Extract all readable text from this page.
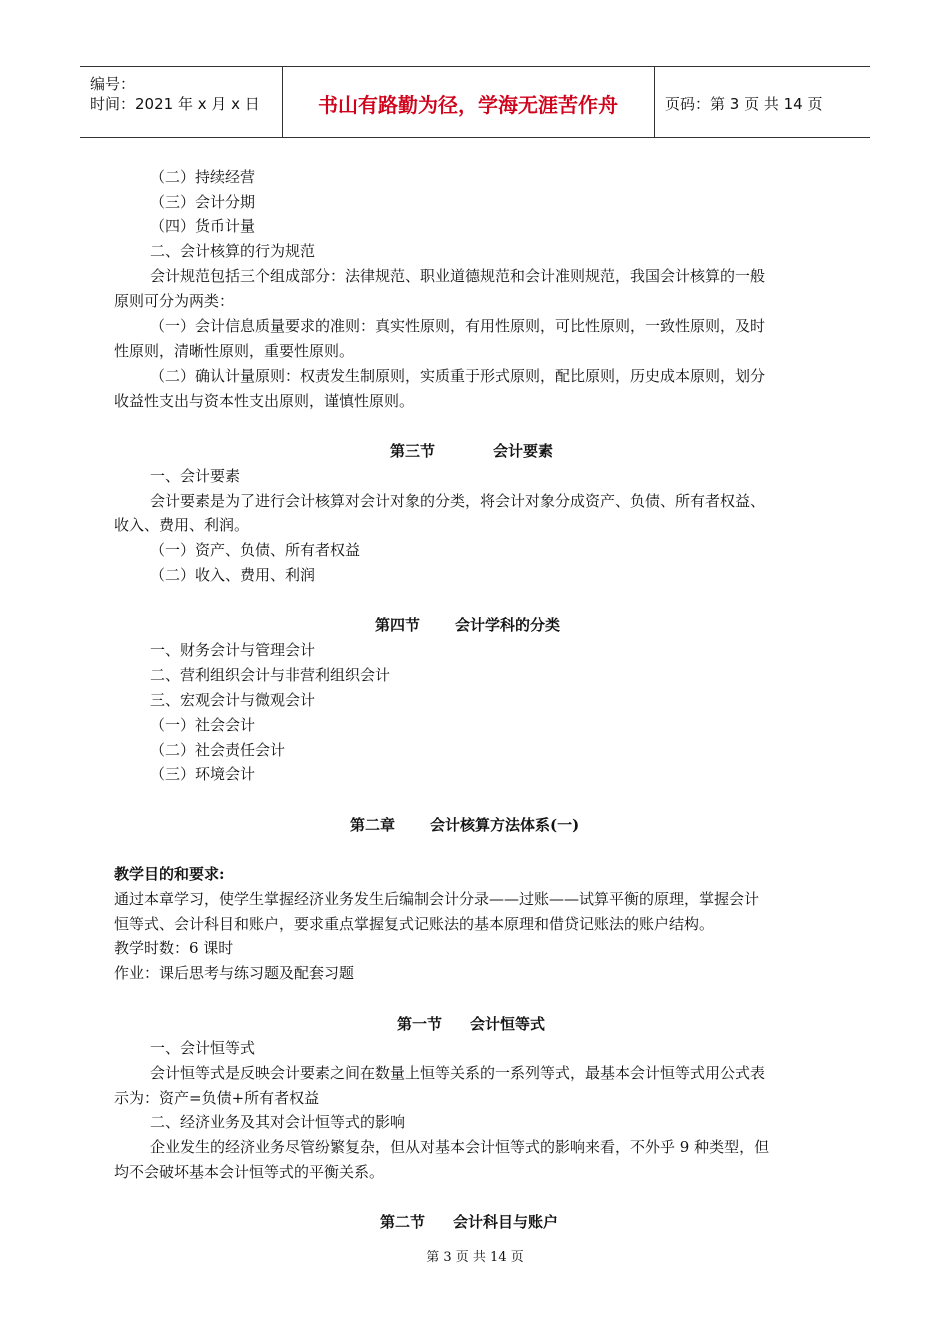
编号：
时间：2021 年 x 月 x 日	书山有路勤为径，学海无涯苦作舟	页码：第 3 页 共 14 页
（二）持续经营
（三）会计分期
（四）货币计量
二、会计核算的行为规范
会计规范包括三个组成部分：法律规范、职业道德规范和会计准则规范，我国会计核算的一般
原则可分为两类：
（一）会计信息质量要求的准则：真实性原则，有用性原则，可比性原则，一致性原则，及时
性原则，清晰性原则，重要性原则。
（二）确认计量原则：权责发生制原则，实质重于形式原则，配比原则，历史成本原则，划分
收益性支出与资本性支出原则，谨慎性原则。
第三节	会计要素
一、会计要素
会计要素是为了进行会计核算对会计对象的分类，将会计对象分成资产、负债、所有者权益、
收入、费用、利润。
（一）资产、负债、所有者权益
（二）收入、费用、利润
第四节 会计学科的分类
一、财务会计与管理会计
二、营利组织会计与非营利组织会计
三、宏观会计与微观会计
（一）社会会计
（二）社会责任会计
（三）环境会计
第二章 会计核算方法体系(一)
教学目的和要求:
通过本章学习，使学生掌握经济业务发生后编制会计分录——过账——试算平衡的原理，掌握会计
恒等式、会计科目和账户，要求重点掌握复式记账法的基本原理和借贷记账法的账户结构。
教学时数：6 课时
作业：课后思考与练习题及配套习题
第一节 会计恒等式
一、会计恒等式
会计恒等式是反映会计要素之间在数量上恒等关系的一系列等式，最基本会计恒等式用公式表
示为：资产=负债+所有者权益
二、经济业务及其对会计恒等式的影响
企业发生的经济业务尽管纷繁复杂，但从对基本会计恒等式的影响来看，不外乎 9 种类型，但
均不会破坏基本会计恒等式的平衡关系。
第二节 会计科目与账户
第 3 页 共 14 页
